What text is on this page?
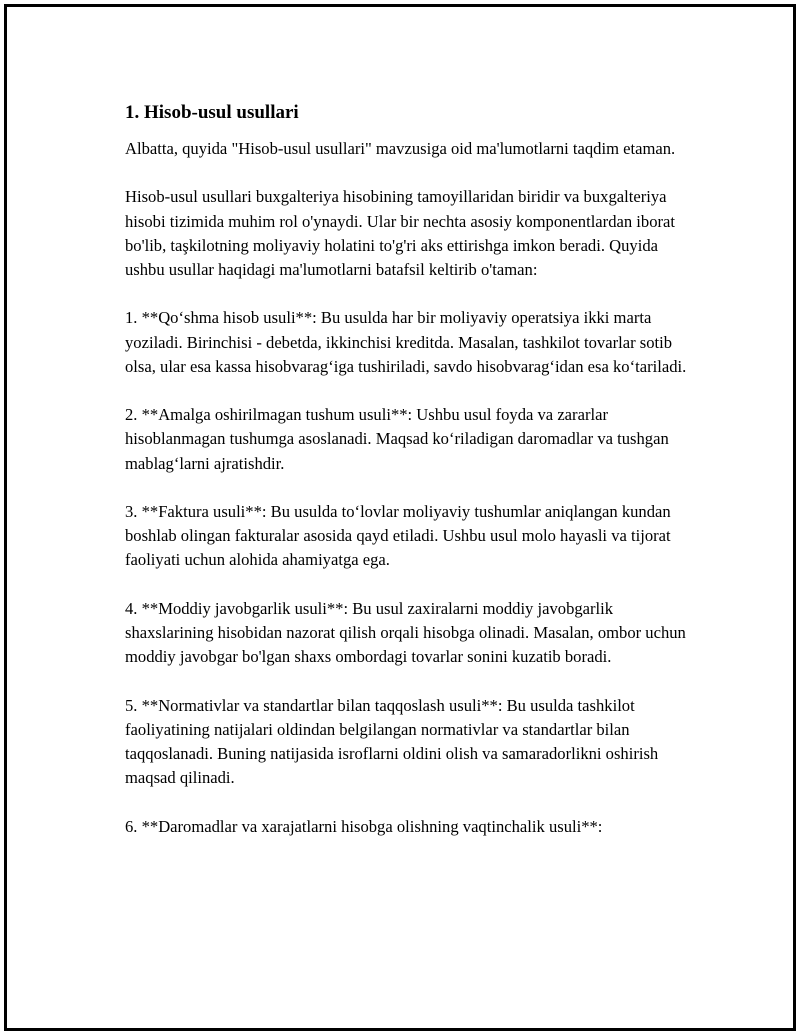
1. Hisob-usul usullari

Albatta, quyida "Hisob-usul usullari" mavzusiga oid ma'lumotlarni taqdim etaman.

Hisob-usul usullari buxgalteriya hisobining tamoyillaridan biridir va buxgalteriya hisobi tizimida muhim rol o'ynaydi. Ular bir nechta asosiy komponentlardan iborat bo'lib, taşkilotning moliyaviy holatini to'g'ri aks ettirishga imkon beradi. Quyida ushbu usullar haqidagi ma'lumotlarni batafsil keltirib o'taman:

1. **Qo‘shma hisob usuli**: Bu usulda har bir moliyaviy operatsiya ikki marta yoziladi. Birinchisi - debetda, ikkinchisi kreditda. Masalan, tashkilot tovarlar sotib olsa, ular esa kassa hisobvarag‘iga tushiriladi, savdo hisobvarag‘idan esa ko‘tariladi.

2. **Amalga oshirilmagan tushum usuli**: Ushbu usul foyda va zararlar hisoblanmagan tushumga asoslanadi. Maqsad ko‘riladigan daromadlar va tushgan mablag‘larni ajratishdir.

3. **Faktura usuli**: Bu usulda to‘lovlar moliyaviy tushumlar aniqlangan kundan boshlab olingan fakturalar asosida qayd etiladi. Ushbu usul molo hayasli va tijorat faoliyati uchun alohida ahamiyatga ega.

4. **Moddiy javobgarlik usuli**: Bu usul zaxiralarni moddiy javobgarlik shaxslarining hisobidan nazorat qilish orqali hisobga olinadi. Masalan, ombor uchun moddiy javobgar bo'lgan shaxs ombordagi tovarlar sonini kuzatib boradi.

5. **Normativlar va standartlar bilan taqqoslash usuli**: Bu usulda tashkilot faoliyatining natijalari oldindan belgilangan normativlar va standartlar bilan taqqoslanadi. Buning natijasida isroflarni oldini olish va samaradorlikni oshirish maqsad qilinadi.

6. **Daromadlar va xarajatlarni hisobga olishning vaqtinchalik usuli**:
